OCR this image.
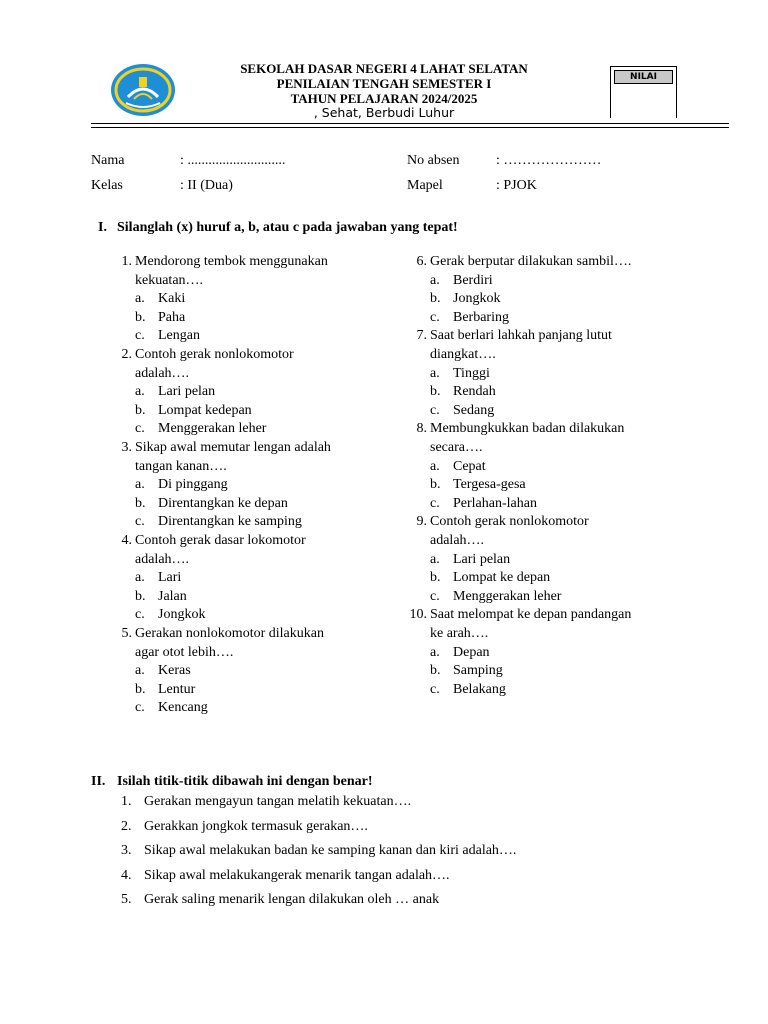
SEKOLAH DASAR NEGERI 4 LAHAT SELATAN
PENILAIAN TENGAH SEMESTER I
TAHUN PELAJARAN 2024/2025
, Sehat, Berbudi Luhur
NILAI
Nama	: ............................	No absen	: …………………
Kelas	: II (Dua)	Mapel	: PJOK
I. Silanglah (x) huruf a, b, atau c pada jawaban yang tepat!
1. Mendorong tembok menggunakan
kekuatan….
a. Kaki
b. Paha
c. Lengan
2. Contoh gerak nonlokomotor
adalah….
a. Lari pelan
b. Lompat kedepan
c. Menggerakan leher
3. Sikap awal memutar lengan adalah
tangan kanan….
a. Di pinggang
b. Direntangkan ke depan
c. Direntangkan ke samping
4. Contoh gerak dasar lokomotor
adalah….
a. Lari
b. Jalan
c. Jongkok
5. Gerakan nonlokomotor dilakukan
agar otot lebih….
a. Keras
b. Lentur
c. Kencang
6. Gerak berputar dilakukan sambil….
a. Berdiri
b. Jongkok
c. Berbaring
7. Saat berlari lahkah panjang lutut
diangkat….
a. Tinggi
b. Rendah
c. Sedang
8. Membungkukkan badan dilakukan
secara….
a. Cepat
b. Tergesa-gesa
c. Perlahan-lahan
9. Contoh gerak nonlokomotor
adalah….
a. Lari pelan
b. Lompat ke depan
c. Menggerakan leher
10. Saat melompat ke depan pandangan
ke arah….
a. Depan
b. Samping
c. Belakang
II. Isilah titik-titik dibawah ini dengan benar!
1. Gerakan mengayun tangan melatih kekuatan….
2. Gerakkan jongkok termasuk gerakan….
3. Sikap awal melakukan badan ke samping kanan dan kiri adalah….
4. Sikap awal melakukangerak menarik tangan adalah….
5. Gerak saling menarik lengan dilakukan oleh … anak
